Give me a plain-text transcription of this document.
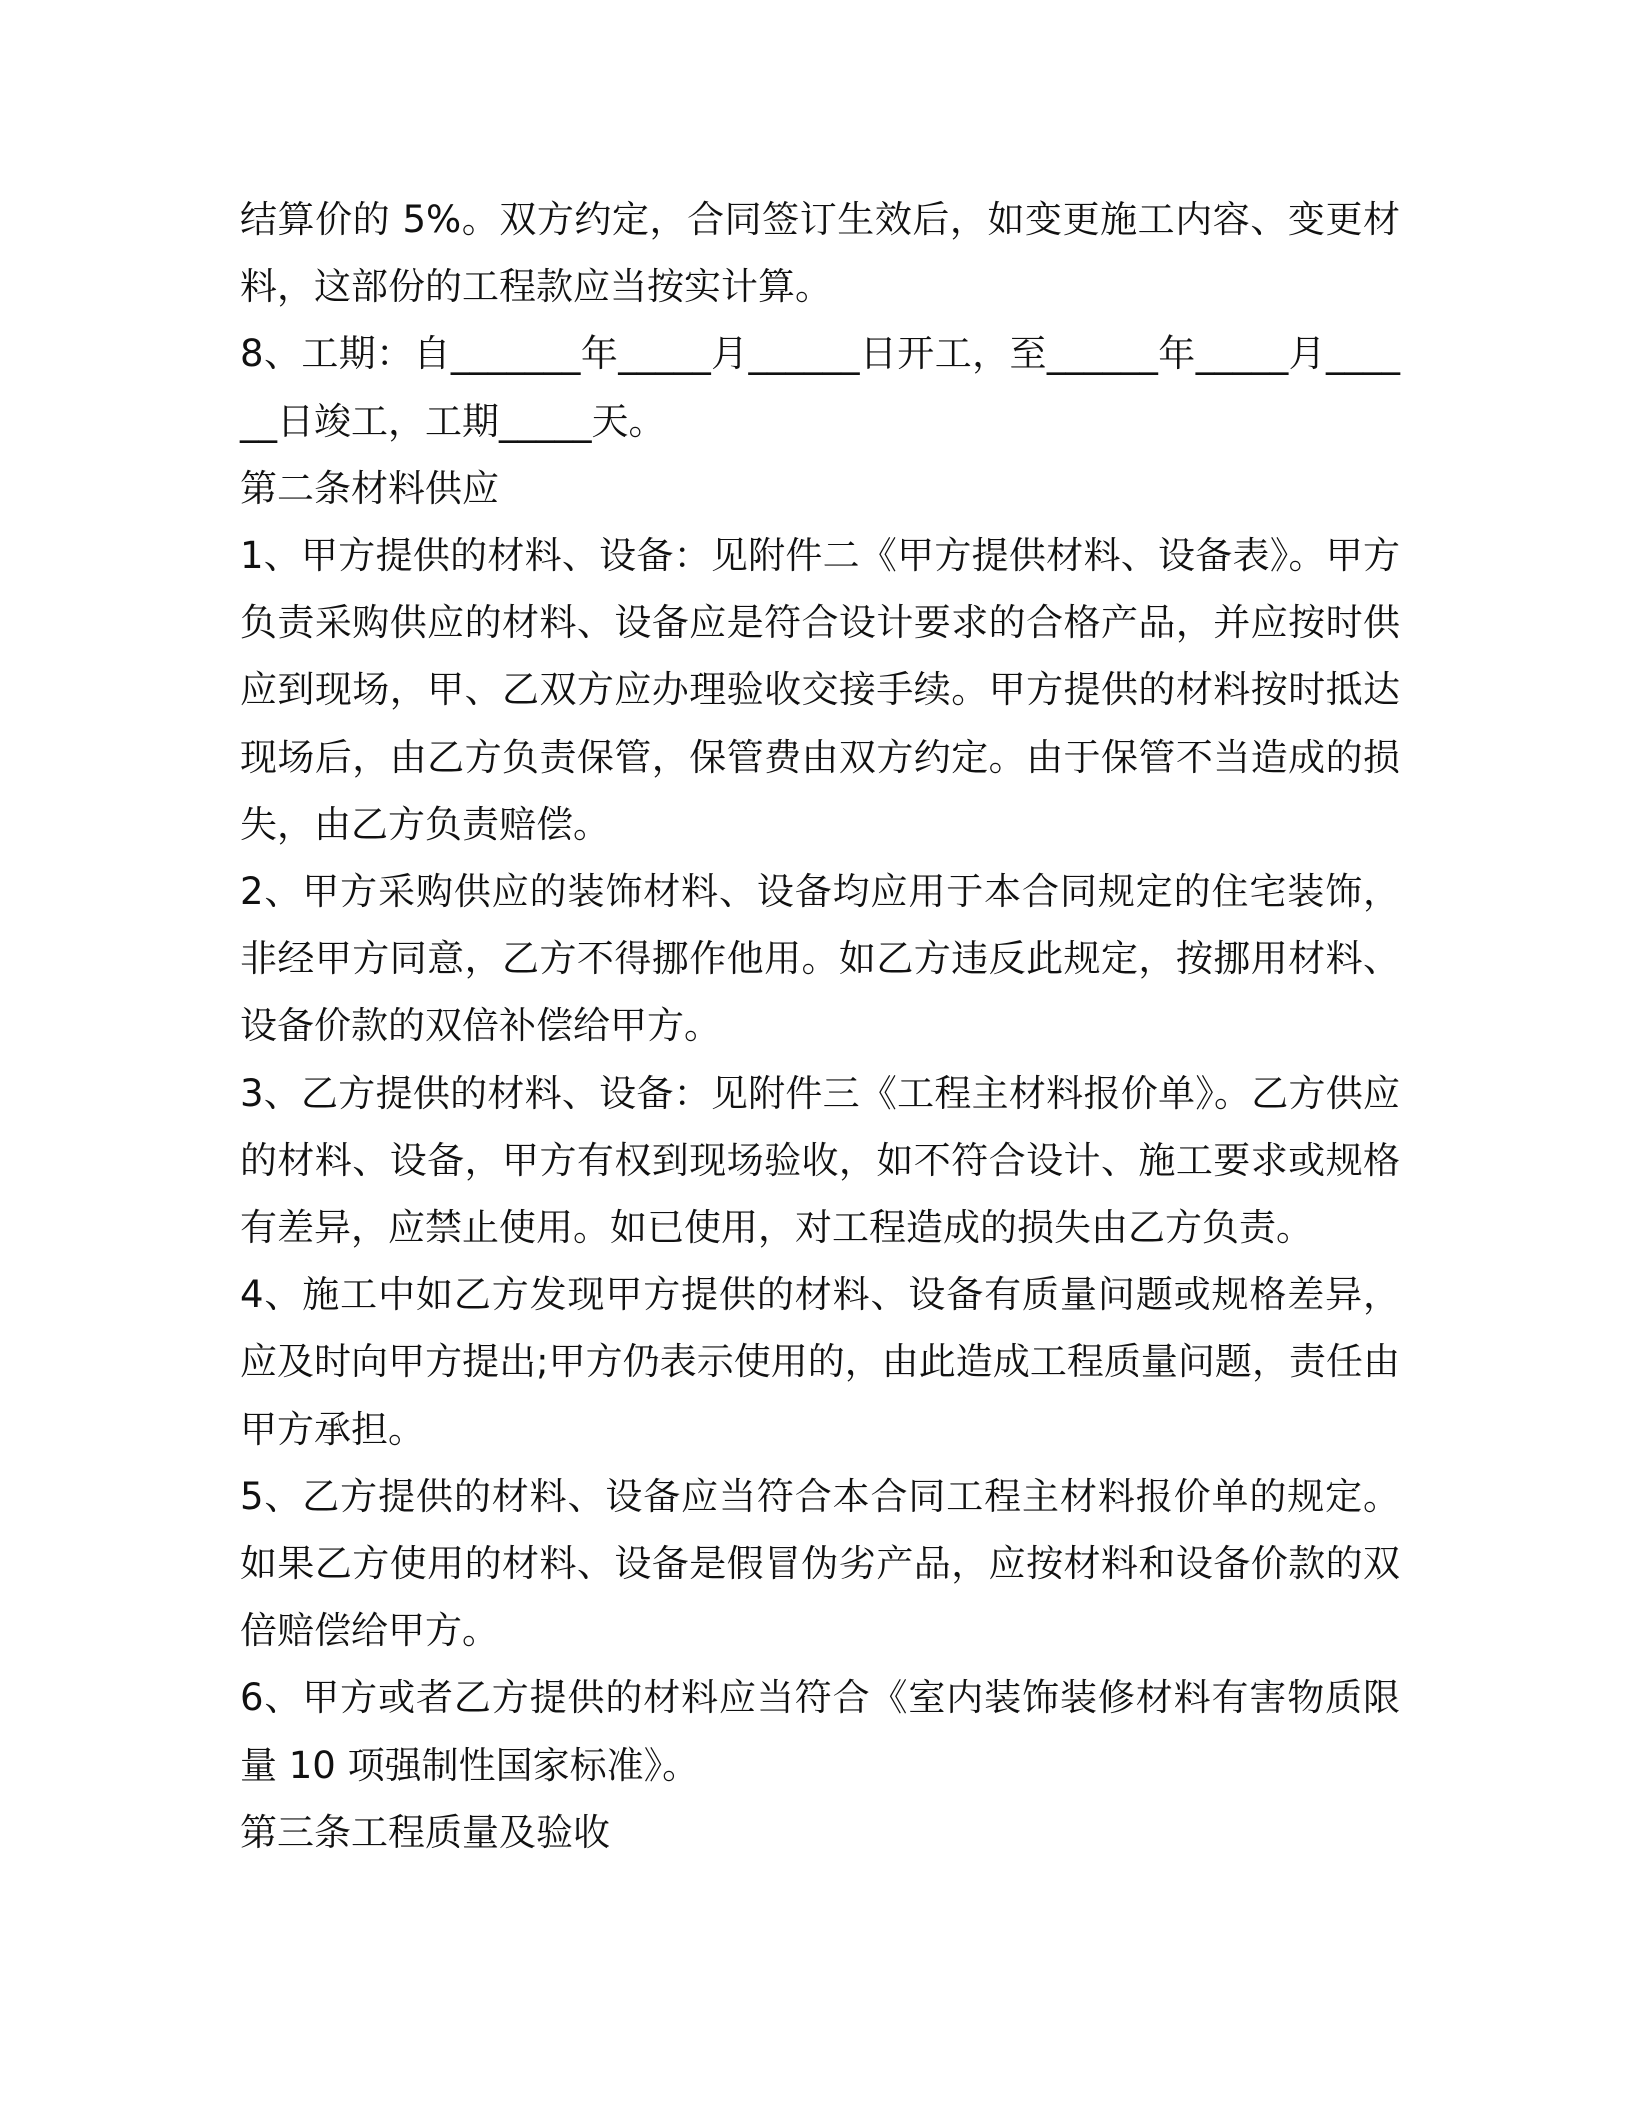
结算价的 5%。双方约定，合同签订生效后，如变更施工内容、变更材料，这部份的工程款应当按实计算。

8、工期：自_______年_____月______日开工，至______年_____月______日竣工，工期_____天。

第二条材料供应

1、甲方提供的材料、设备：见附件二《甲方提供材料、设备表》。甲方负责采购供应的材料、设备应是符合设计要求的合格产品，并应按时供应到现场，甲、乙双方应办理验收交接手续。甲方提供的材料按时抵达现场后，由乙方负责保管，保管费由双方约定。由于保管不当造成的损失，由乙方负责赔偿。

2、甲方采购供应的装饰材料、设备均应用于本合同规定的住宅装饰，非经甲方同意，乙方不得挪作他用。如乙方违反此规定，按挪用材料、设备价款的双倍补偿给甲方。

3、乙方提供的材料、设备：见附件三《工程主材料报价单》。乙方供应的材料、设备，甲方有权到现场验收，如不符合设计、施工要求或规格有差异，应禁止使用。如已使用，对工程造成的损失由乙方负责。

4、施工中如乙方发现甲方提供的材料、设备有质量问题或规格差异，应及时向甲方提出;甲方仍表示使用的，由此造成工程质量问题，责任由甲方承担。

5、乙方提供的材料、设备应当符合本合同工程主材料报价单的规定。如果乙方使用的材料、设备是假冒伪劣产品，应按材料和设备价款的双倍赔偿给甲方。

6、甲方或者乙方提供的材料应当符合《室内装饰装修材料有害物质限量 10 项强制性国家标准》。

第三条工程质量及验收
